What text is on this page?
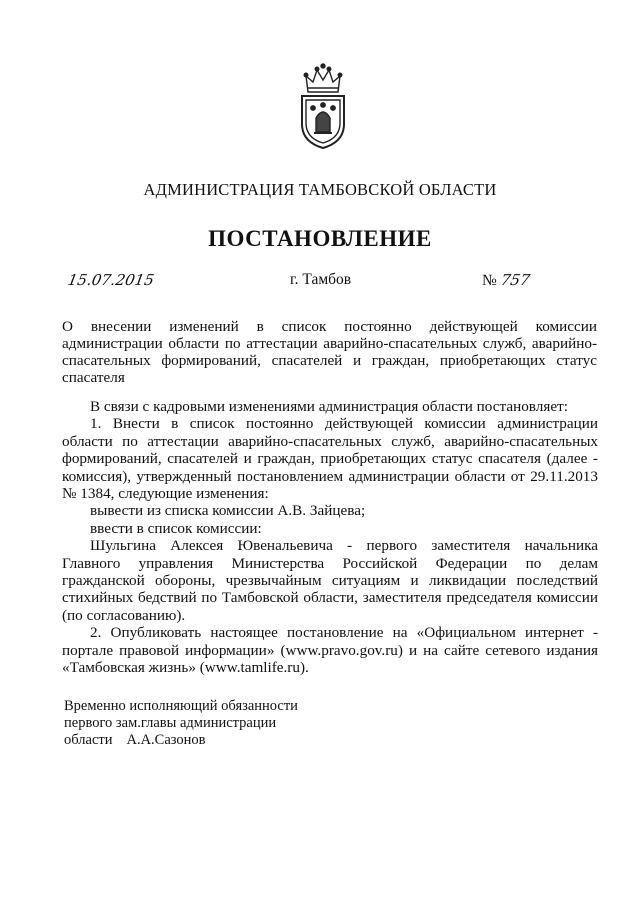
АДМИНИСТРАЦИЯ ТАМБОВСКОЙ ОБЛАСТИ
ПОСТАНОВЛЕНИЕ
15.07.2015	г. Тамбов	№ 757
О внесении изменений в список постоянно действующей комиссии
администрации области по аттестации аварийно-спасательных служб, аварийно-
спасательных формирований, спасателей и граждан, приобретающих статус
спасателя

В связи с кадровыми изменениями администрация области постановляет:

1. Внести в список постоянно действующей комиссии администрации

области по аттестации аварийно-спасательных служб, аварийно-спасательных

формирований, спасателей и граждан, приобретающих статус спасателя (далее -

комиссия), утвержденный постановлением администрации области от 29.11.2013

№ 1384, следующие изменения:

вывести из списка комиссии А.В. Зайцева;

ввести в список комиссии:

Шульгина Алексея Ювенальевича - первого заместителя начальника

Главного управления Министерства Российской Федерации по делам

гражданской обороны, чрезвычайным ситуациям и ликвидации последствий

стихийных бедствий по Тамбовской области, заместителя председателя комиссии

(по согласованию).

2. Опубликовать настоящее постановление на «Официальном интернет -

портале правовой информации» (www.pravo.gov.ru) и на сайте сетевого издания

«Тамбовская жизнь» (www.tamlife.ru).

Временно исполняющий обязанности

первого зам.главы администрации

области А.А.Сазонов
